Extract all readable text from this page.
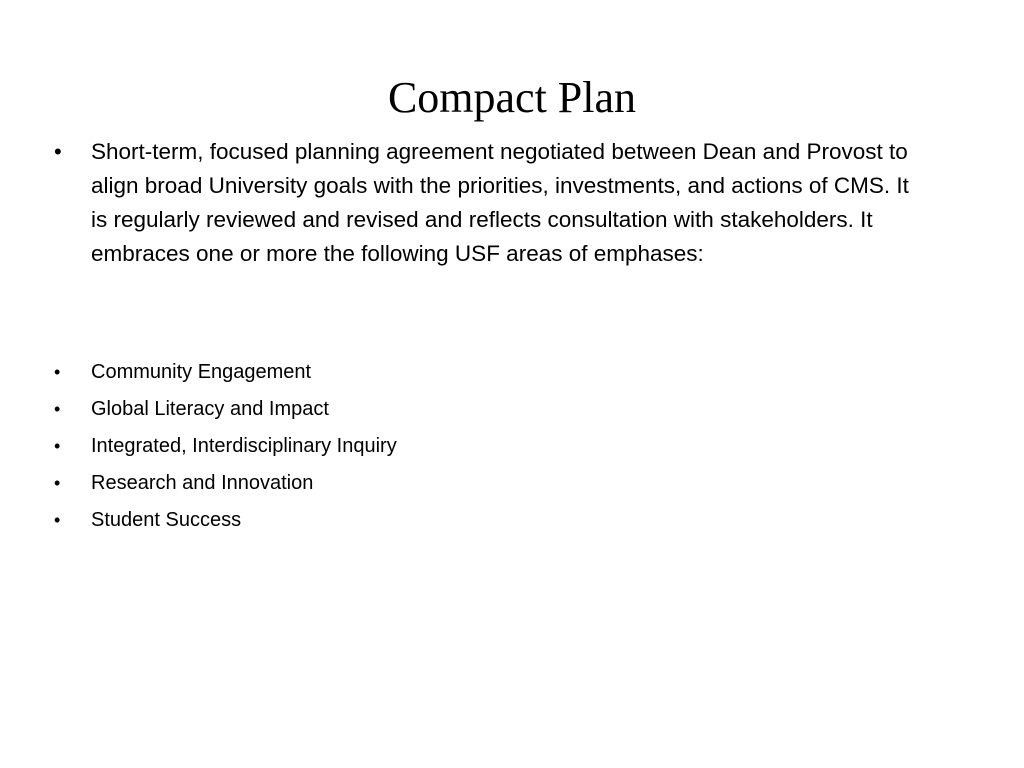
Compact Plan
• Short-term, focused planning agreement negotiated between Dean and Provost to align broad University goals with the priorities, investments, and actions of CMS. It is regularly reviewed and revised and reflects consultation with stakeholders. It embraces one or more the following USF areas of emphases:
• Community Engagement
• Global Literacy and Impact
• Integrated, Interdisciplinary Inquiry
• Research and Innovation
• Student Success
